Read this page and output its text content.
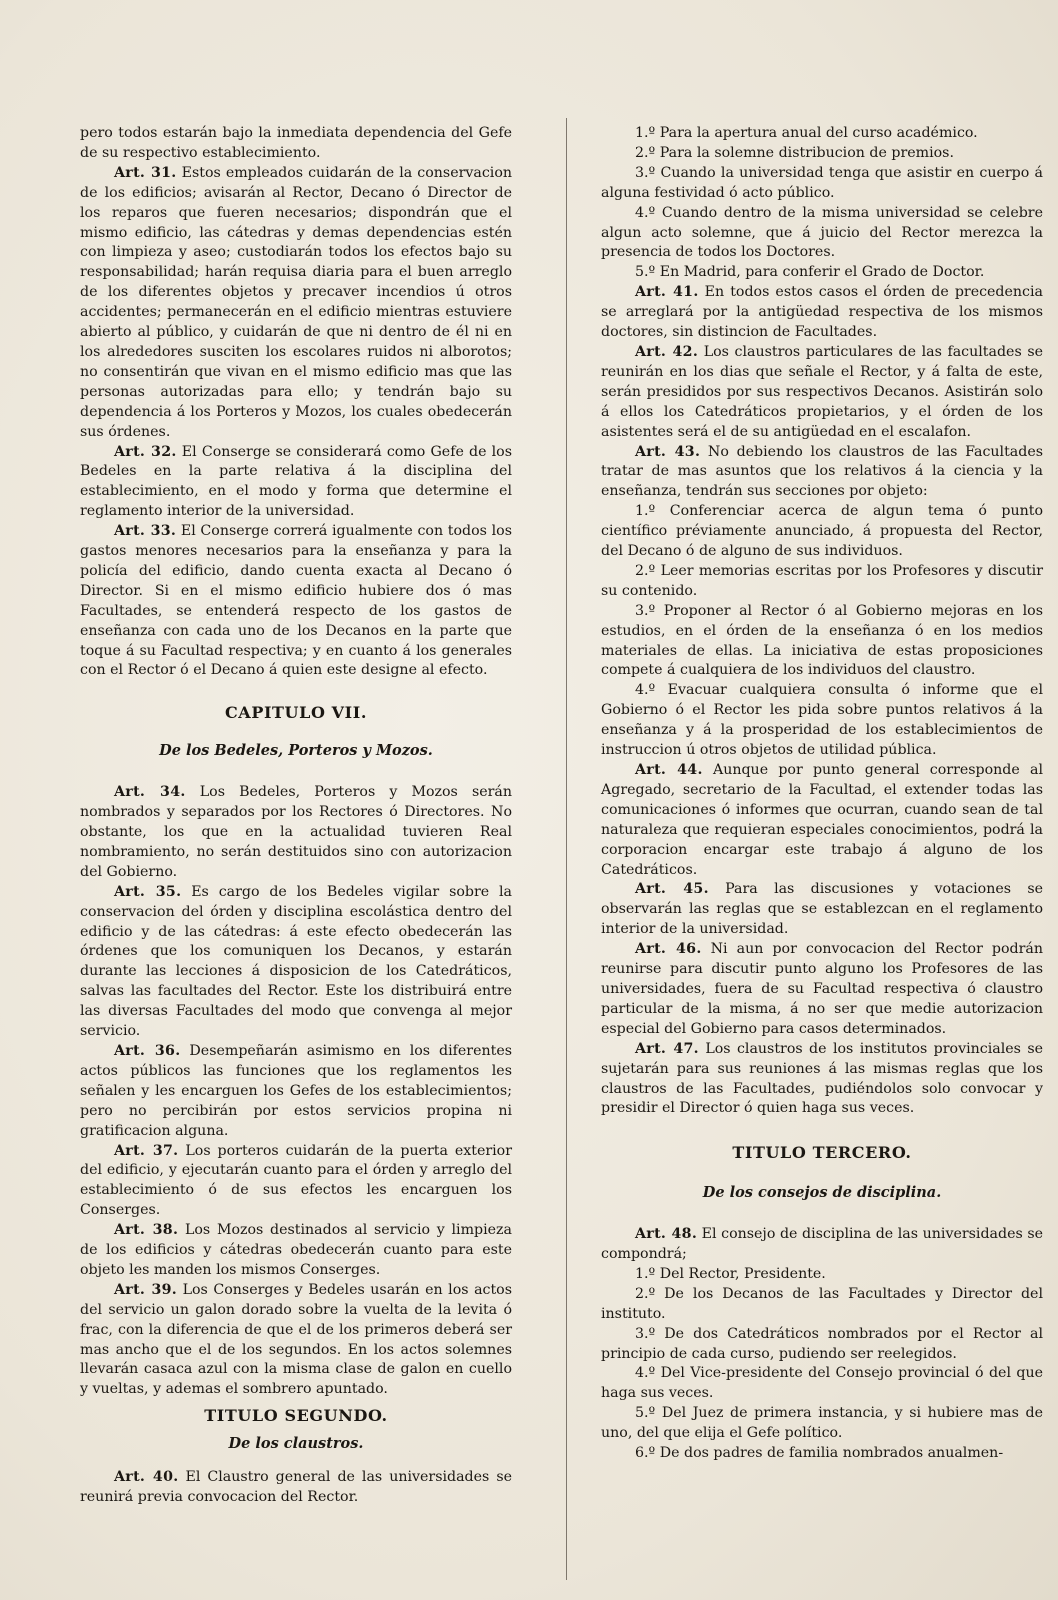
pero todos estarán bajo la inmediata dependencia del Gefe de su respectivo establecimiento.

Art. 31. Estos empleados cuidarán de la conservacion de los edificios; avisarán al Rector, Decano ó Director de los reparos que fueren necesarios; dispondrán que el mismo edificio, las cátedras y demas dependencias estén con limpieza y aseo; custodiarán todos los efectos bajo su responsabilidad; harán requisa diaria para el buen arreglo de los diferentes objetos y precaver incendios ú otros accidentes; permanecerán en el edificio mientras estuviere abierto al público, y cuidarán de que ni dentro de él ni en los alrededores susciten los escolares ruidos ni alborotos; no consentirán que vivan en el mismo edificio mas que las personas autorizadas para ello; y tendrán bajo su dependencia á los Porteros y Mozos, los cuales obedecerán sus órdenes.

Art. 32. El Conserge se considerará como Gefe de los Bedeles en la parte relativa á la disciplina del establecimiento, en el modo y forma que determine el reglamento interior de la universidad.

Art. 33. El Conserge correrá igualmente con todos los gastos menores necesarios para la enseñanza y para la policía del edificio, dando cuenta exacta al Decano ó Director. Si en el mismo edificio hubiere dos ó mas Facultades, se entenderá respecto de los gastos de enseñanza con cada uno de los Decanos en la parte que toque á su Facultad respectiva; y en cuanto á los generales con el Rector ó el Decano á quien este designe al efecto.

CAPITULO VII.
De los Bedeles, Porteros y Mozos.

Art. 34. Los Bedeles, Porteros y Mozos serán nombrados y separados por los Rectores ó Directores. No obstante, los que en la actualidad tuvieren Real nombramiento, no serán destituidos sino con autorizacion del Gobierno.

Art. 35. Es cargo de los Bedeles vigilar sobre la conservacion del órden y disciplina escolástica dentro del edificio y de las cátedras: á este efecto obedecerán las órdenes que los comuniquen los Decanos, y estarán durante las lecciones á disposicion de los Catedráticos, salvas las facultades del Rector. Este los distribuirá entre las diversas Facultades del modo que convenga al mejor servicio.

Art. 36. Desempeñarán asimismo en los diferentes actos públicos las funciones que los reglamentos les señalen y les encarguen los Gefes de los establecimientos; pero no percibirán por estos servicios propina ni gratificacion alguna.

Art. 37. Los porteros cuidarán de la puerta exterior del edificio, y ejecutarán cuanto para el órden y arreglo del establecimiento ó de sus efectos les encarguen los Conserges.

Art. 38. Los Mozos destinados al servicio y limpieza de los edificios y cátedras obedecerán cuanto para este objeto les manden los mismos Conserges.

Art. 39. Los Conserges y Bedeles usarán en los actos del servicio un galon dorado sobre la vuelta de la levita ó frac, con la diferencia de que el de los primeros deberá ser mas ancho que el de los segundos. En los actos solemnes llevarán casaca azul con la misma clase de galon en cuello y vueltas, y ademas el sombrero apuntado.

TITULO SEGUNDO.
De los claustros.

Art. 40. El Claustro general de las universidades se reunirá previa convocacion del Rector.

1.º Para la apertura anual del curso académico.

2.º Para la solemne distribucion de premios.

3.º Cuando la universidad tenga que asistir en cuerpo á alguna festividad ó acto público.

4.º Cuando dentro de la misma universidad se celebre algun acto solemne, que á juicio del Rector merezca la presencia de todos los Doctores.

5.º En Madrid, para conferir el Grado de Doctor.

Art. 41. En todos estos casos el órden de precedencia se arreglará por la antigüedad respectiva de los mismos doctores, sin distincion de Facultades.

Art. 42. Los claustros particulares de las facultades se reunirán en los dias que señale el Rector, y á falta de este, serán presididos por sus respectivos Decanos. Asistirán solo á ellos los Catedráticos propietarios, y el órden de los asistentes será el de su antigüedad en el escalafon.

Art. 43. No debiendo los claustros de las Facultades tratar de mas asuntos que los relativos á la ciencia y la enseñanza, tendrán sus secciones por objeto:

1.º Conferenciar acerca de algun tema ó punto científico préviamente anunciado, á propuesta del Rector, del Decano ó de alguno de sus individuos.

2.º Leer memorias escritas por los Profesores y discutir su contenido.

3.º Proponer al Rector ó al Gobierno mejoras en los estudios, en el órden de la enseñanza ó en los medios materiales de ellas. La iniciativa de estas proposiciones compete á cualquiera de los individuos del claustro.

4.º Evacuar cualquiera consulta ó informe que el Gobierno ó el Rector les pida sobre puntos relativos á la enseñanza y á la prosperidad de los establecimientos de instruccion ú otros objetos de utilidad pública.

Art. 44. Aunque por punto general corresponde al Agregado, secretario de la Facultad, el extender todas las comunicaciones ó informes que ocurran, cuando sean de tal naturaleza que requieran especiales conocimientos, podrá la corporacion encargar este trabajo á alguno de los Catedráticos.

Art. 45. Para las discusiones y votaciones se observarán las reglas que se establezcan en el reglamento interior de la universidad.

Art. 46. Ni aun por convocacion del Rector podrán reunirse para discutir punto alguno los Profesores de las universidades, fuera de su Facultad respectiva ó claustro particular de la misma, á no ser que medie autorizacion especial del Gobierno para casos determinados.

Art. 47. Los claustros de los institutos provinciales se sujetarán para sus reuniones á las mismas reglas que los claustros de las Facultades, pudiéndolos solo convocar y presidir el Director ó quien haga sus veces.

TITULO TERCERO.
De los consejos de disciplina.

Art. 48. El consejo de disciplina de las universidades se compondrá;

1.º Del Rector, Presidente.

2.º De los Decanos de las Facultades y Director del instituto.

3.º De dos Catedráticos nombrados por el Rector al principio de cada curso, pudiendo ser reelegidos.

4.º Del Vice-presidente del Consejo provincial ó del que haga sus veces.

5.º Del Juez de primera instancia, y si hubiere mas de uno, del que elija el Gefe político.

6.º De dos padres de familia nombrados anualmen-
